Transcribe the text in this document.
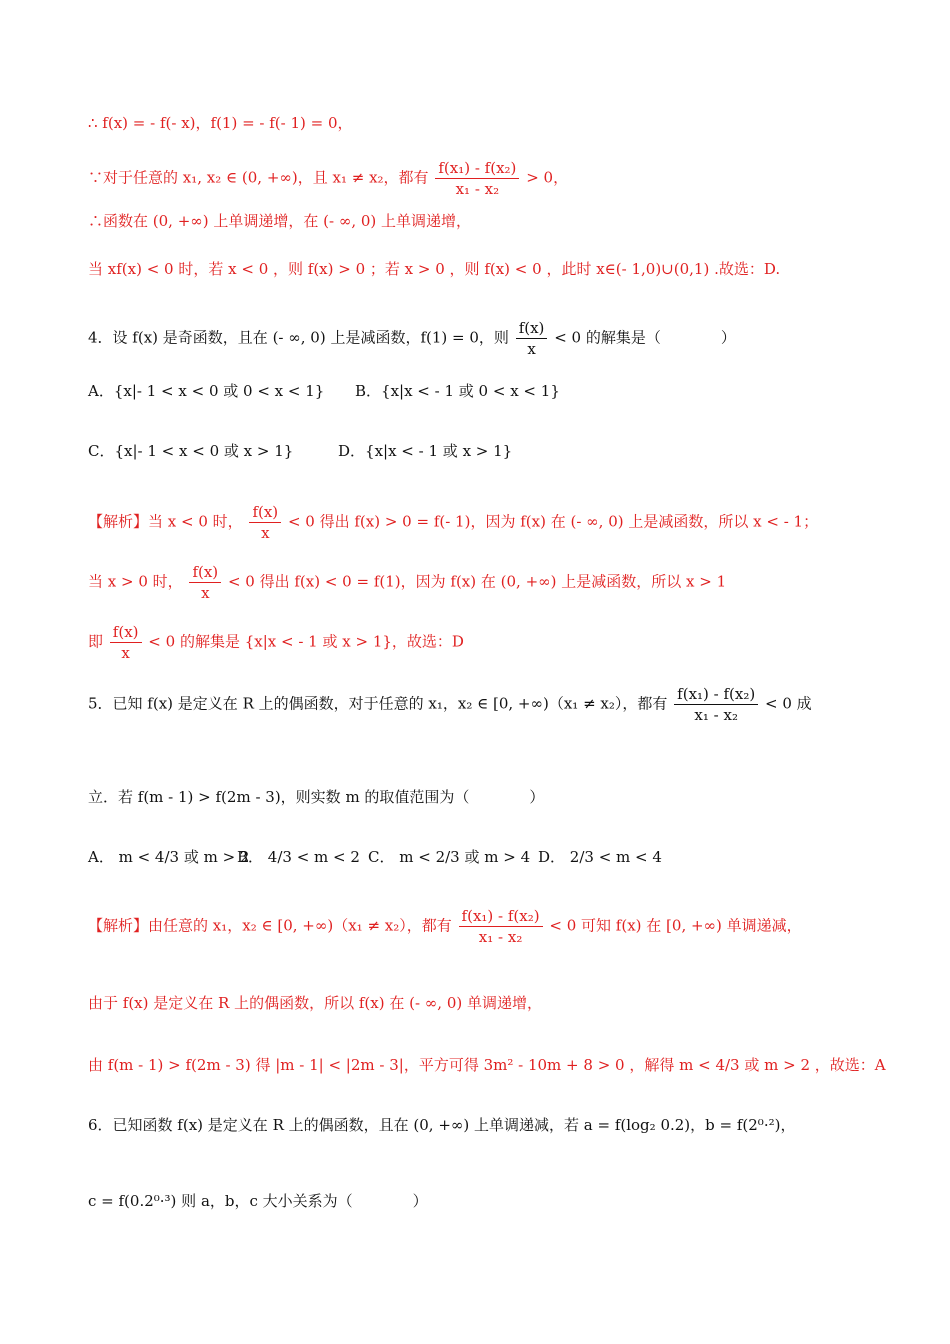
∴ f(x) = - f(- x)，f(1) = - f(- 1) = 0，
∵对于任意的 x₁, x₂ ∈ (0, +∞)，且 x₁ ≠ x₂，都有 $\frac{\text{f(x₁) - f(x₂)}}{\text{x₁ - x₂}} > 0$，
∴函数在 (0, +∞) 上单调递增，在 (- ∞, 0) 上单调递增，
当 xf(x) < 0 时，若 x < 0 ，则 f(x) > 0 ；若 x > 0 ，则 f(x) < 0 ，此时 x∈(- 1,0)∪(0,1) .故选：D.
4．设 f(x) 是奇函数，且在 (- ∞, 0) 上是减函数，f(1) = 0，则 $\frac{f(x)}{x} < 0$ 的解集是（　　　　）
A．{x|- 1 < x < 0 或 0 < x < 1} B．{x|x < - 1 或 0 < x < 1}
C．{x|- 1 < x < 0 或 x > 1}	D．{x|x < - 1 或 x > 1}
【解析】当 x < 0 时， $\frac{f(x)}{x} < 0$ 得出 f(x) > 0 = f(- 1)，因为 f(x) 在 (- ∞, 0) 上是减函数，所以 x < - 1；
当 x > 0 时， $\frac{f(x)}{x} < 0$ 得出 f(x) < 0 = f(1)，因为 f(x) 在 (0, +∞) 上是减函数，所以 x > 1
即 $\frac{f(x)}{x} < 0$ 的解集是 {x|x < - 1 或 x > 1}，故选：D
5．已知 f(x) 是定义在 R 上的偶函数，对于任意的 x₁，x₂ ∈ [0, +∞)（x₁ ≠ x₂），都有 $\frac{\text{f(x₁) - f(x₂)}}{\text{x₁ - x₂}} < 0$ 成
立．若 f(m - 1) > f(2m - 3)，则实数 m 的取值范围为（　　　　）
A． m < 4/3 或 m > 2
B． 4/3 < m < 2 C． m < 2/3 或 m > 4 D． 2/3 < m < 4
【解析】由任意的 x₁，x₂ ∈ [0, +∞)（x₁ ≠ x₂），都有 $\frac{\text{f(x₁) - f(x₂)}}{\text{x₁ - x₂}} < 0$ 可知 f(x) 在 [0, +∞) 单调递减，
由于 f(x) 是定义在 R 上的偶函数，所以 f(x) 在 (- ∞, 0) 单调递增，
由 f(m - 1) > f(2m - 3) 得 |m - 1| < |2m - 3|，平方可得 3m² - 10m + 8 > 0 ，解得 m < 4/3 或 m > 2 ，故选：A
6．已知函数 f(x) 是定义在 R 上的偶函数，且在 (0, +∞) 上单调递减，若 a = f(log₂ 0.2)，b = f(2⁰·²)，
c = f(0.2⁰·³) 则 a，b，c 大小关系为（　　　　）
